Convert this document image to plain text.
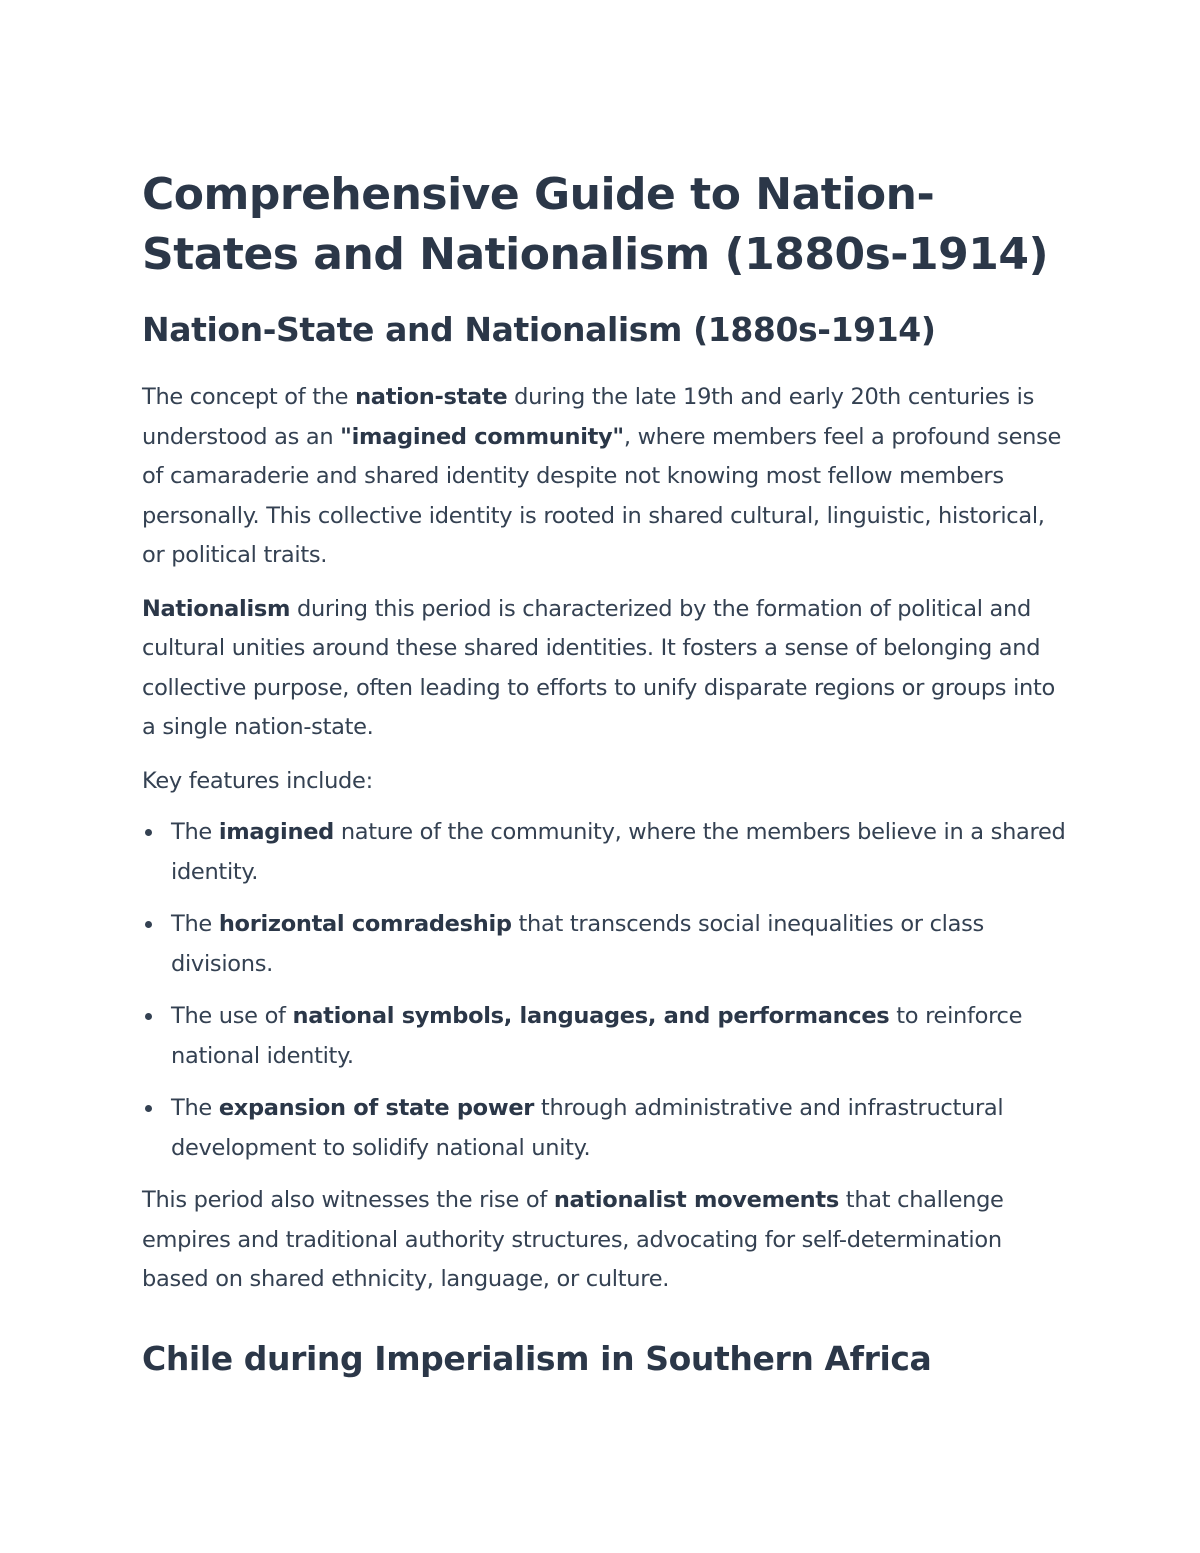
Comprehensive Guide to Nation-States and Nationalism (1880s-1914)
Nation-State and Nationalism (1880s-1914)

The concept of the nation-state during the late 19th and early 20th centuries is understood as an "imagined community", where members feel a profound sense of camaraderie and shared identity despite not knowing most fellow members personally. This collective identity is rooted in shared cultural, linguistic, historical, or political traits.

Nationalism during this period is characterized by the formation of political and cultural unities around these shared identities. It fosters a sense of belonging and collective purpose, often leading to efforts to unify disparate regions or groups into a single nation-state.

Key features include:

The imagined nature of the community, where the members believe in a shared identity.
The horizontal comradeship that transcends social inequalities or class divisions.
The use of national symbols, languages, and performances to reinforce national identity.
The expansion of state power through administrative and infrastructural development to solidify national unity.

This period also witnesses the rise of nationalist movements that challenge empires and traditional authority structures, advocating for self-determination based on shared ethnicity, language, or culture.

Chile during Imperialism in Southern Africa
